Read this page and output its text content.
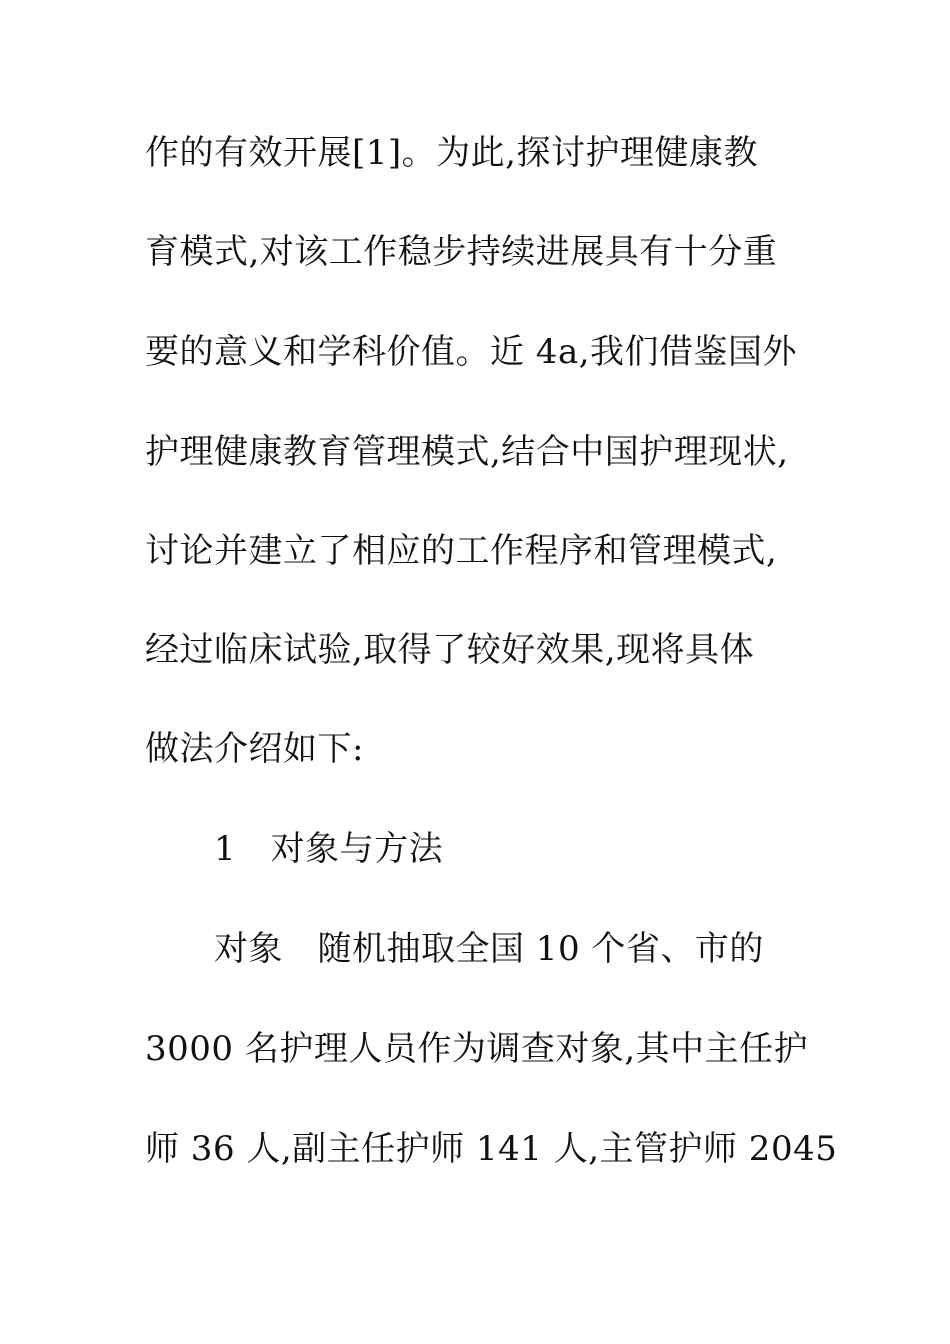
作的有效开展[1]。为此,探讨护理健康教
育模式,对该工作稳步持续进展具有十分重
要的意义和学科价值。近 4a,我们借鉴国外
护理健康教育管理模式,结合中国护理现状,
讨论并建立了相应的工作程序和管理模式,
经过临床试验,取得了较好效果,现将具体
做法介绍如下:
1　对象与方法
对象　随机抽取全国 10 个省、市的
3000 名护理人员作为调查对象,其中主任护
师 36 人,副主任护师 141 人,主管护师 2045
